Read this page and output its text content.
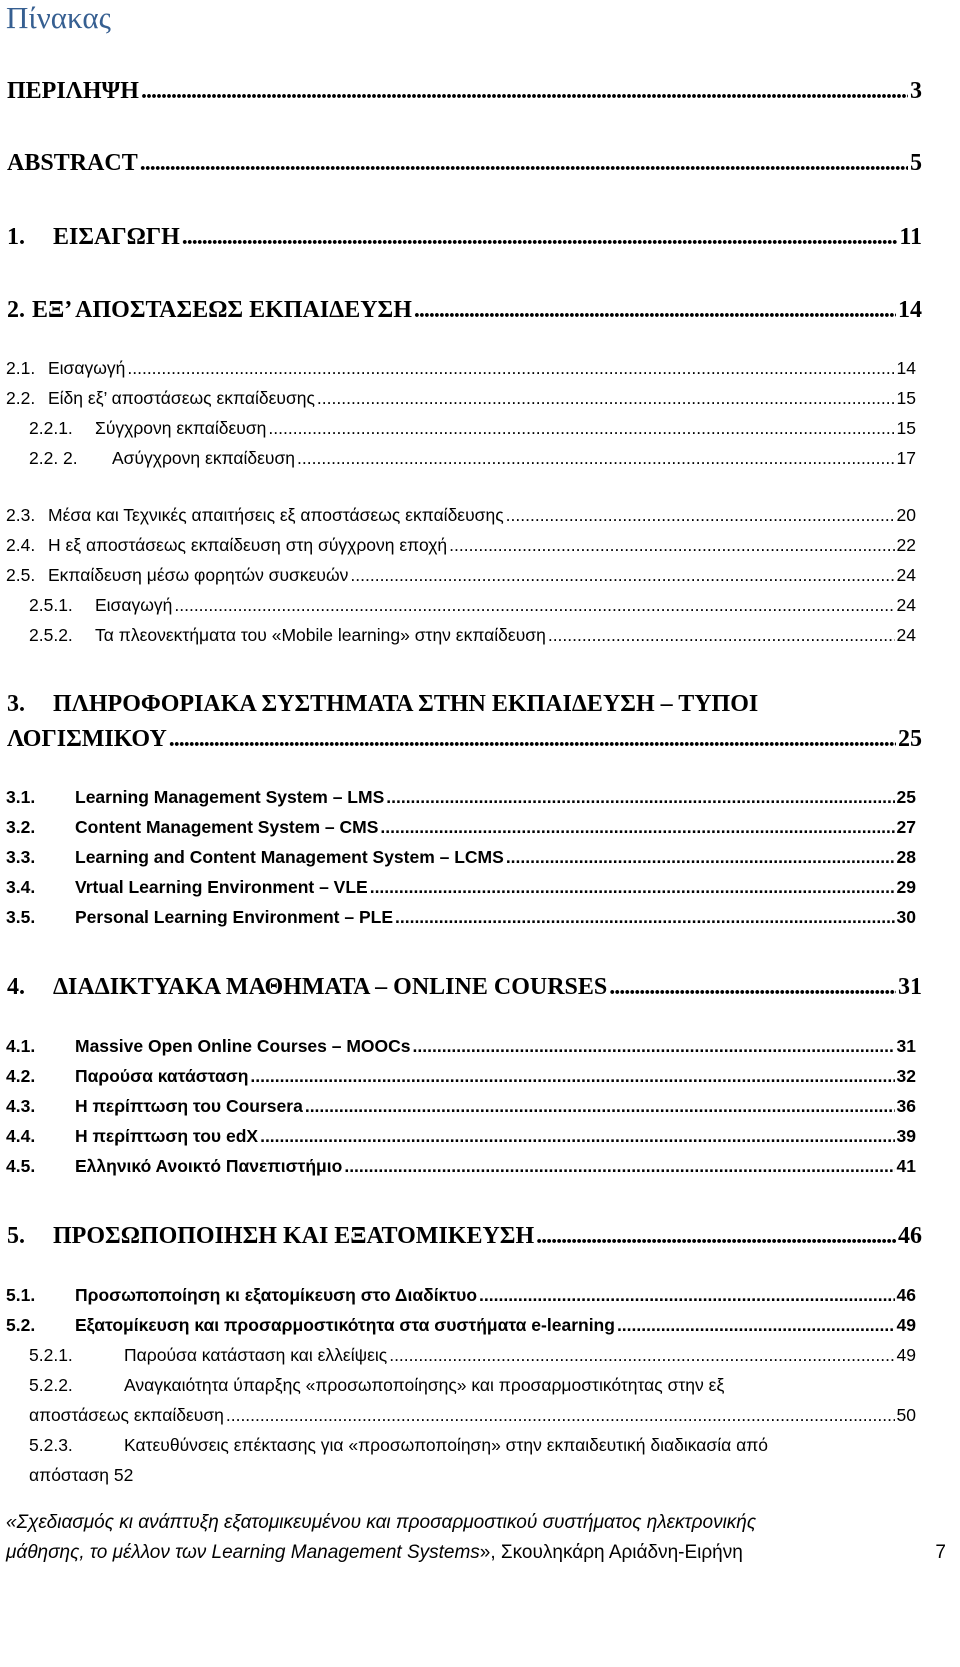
Πίνακας
ΠΕΡΙΛΗΨΗ .....	3
ABSTRACT .....	5
1.	ΕΙΣΑΓΩΓΗ .....	11
2. ΕΞ’ ΑΠΟΣΤΑΣΕΩΣ ΕΚΠΑΙΔΕΥΣΗ .....	14
2.1. Εισαγωγή .....	14
2.2. Είδη εξ’ αποστάσεως εκπαίδευσης .....	15
2.2.1.	Σύγχρονη εκπαίδευση .....	15
2.2. 2.	Ασύγχρονη εκπαίδευση .....	17
2.3. Μέσα και Τεχνικές απαιτήσεις εξ αποστάσεως εκπαίδευσης .....	20
2.4. Η εξ αποστάσεως εκπαίδευση στη σύγχρονη εποχή .....	22
2.5. Εκπαίδευση μέσω φορητών συσκευών .....	24
2.5.1.	Εισαγωγή .....	24
2.5.2.	Τα πλεονεκτήματα του «Mobile learning» στην εκπαίδευση .....	24
3.	ΠΛΗΡΟΦΟΡΙΑΚΑ ΣΥΣΤΗΜΑΤΑ ΣΤΗΝ ΕΚΠΑΙΔΕΥΣΗ – ΤΥΠΟΙ
ΛΟΓΙΣΜΙΚΟΥ .....	25
3.1.	Learning Management System – LMS .....	25
3.2.	Content Management System – CMS .....	27
3.3.	Learning and Content Management System – LCMS .....	28
3.4.	Vrtual Learning Environment – VLE .....	29
3.5.	Personal Learning Environment – PLE .....	30
4.	ΔΙΑΔΙΚΤΥΑΚΑ ΜΑΘΗΜΑΤΑ – ONLINE COURSES .....	31
4.1.	Massive Open Online Courses – MOOCs .....	31
4.2.	Παρούσα κατάσταση .....	32
4.3.	Η περίπτωση του Coursera .....	36
4.4.	Η περίπτωση του edX .....	39
4.5.	Ελληνικό Ανοικτό Πανεπιστήμιο .....	41
5.	ΠΡΟΣΩΠΟΠΟΙΗΣΗ ΚΑΙ ΕΞΑΤΟΜΙΚΕΥΣΗ .....	46
5.1.	Προσωποποίηση κι εξατομίκευση στο Διαδίκτυο .....	46
5.2.	Εξατομίκευση και προσαρμοστικότητα στα συστήματα e-learning .....	49
5.2.1.	Παρούσα κατάσταση και ελλείψεις .....	49
5.2.2.	Αναγκαιότητα ύπαρξης «προσωποποίησης» και προσαρμοστικότητας στην εξ
αποστάσεως εκπαίδευση .....	50
5.2.3.	Κατευθύνσεις επέκτασης για «προσωποποίηση» στην εκπαιδευτική διαδικασία από
απόσταση 52
«Σχεδιασμός κι ανάπτυξη εξατομικευμένου και προσαρμοστικού συστήματος ηλεκτρονικής
μάθησης, το μέλλον των Learning Management Systems», Σκουληκάρη Αριάδνη-Ειρήνη	7
